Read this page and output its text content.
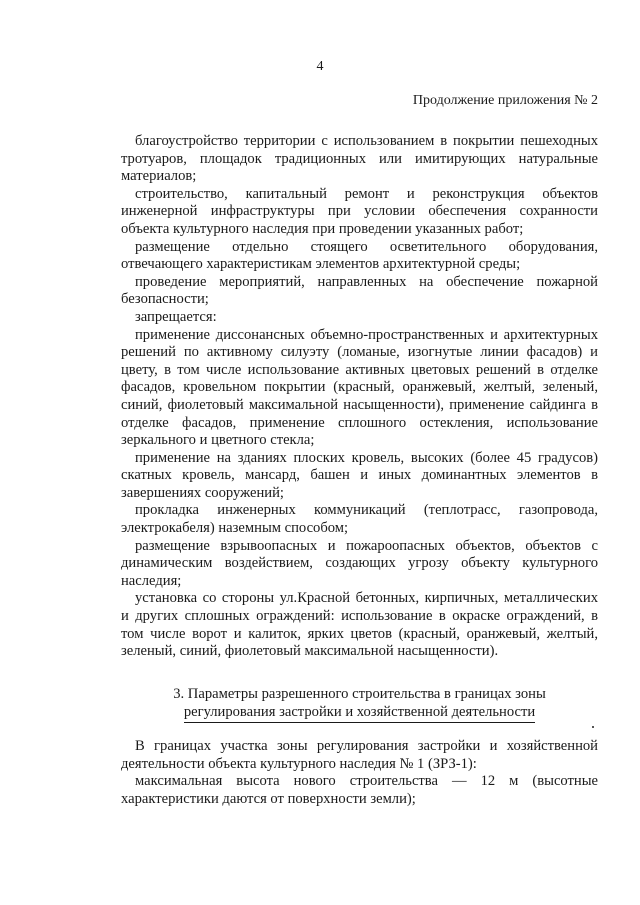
4
Продолжение приложения № 2

благоустройство территории с использованием в покрытии пешеходных тротуаров, площадок традиционных или имитирующих натуральные материалов;

строительство, капитальный ремонт и реконструкция объектов инженерной инфраструктуры при условии обеспечения сохранности объекта культурного наследия при проведении указанных работ;

размещение отдельно стоящего осветительного оборудования, отвечающего характеристикам элементов архитектурной среды;

проведение мероприятий, направленных на обеспечение пожарной безопасности;

запрещается:

применение диссонансных объемно-пространственных и архитектурных решений по активному силуэту (ломаные, изогнутые линии фасадов) и цвету, в том числе использование активных цветовых решений в отделке фасадов, кровельном покрытии (красный, оранжевый, желтый, зеленый, синий, фиолетовый максимальной насыщенности), применение сайдинга в отделке фасадов, применение сплошного остекления, использование зеркального и цветного стекла;

применение на зданиях плоских кровель, высоких (более 45 градусов) скатных кровель, мансард, башен и иных доминантных элементов в завершениях сооружений;

прокладка инженерных коммуникаций (теплотрасс, газопровода, электрокабеля) наземным способом;

размещение взрывоопасных и пожароопасных объектов, объектов с динамическим воздействием, создающих угрозу объекту культурного наследия;

установка со стороны ул.Красной бетонных, кирпичных, металлических и других сплошных ограждений: использование в окраске ограждений, в том числе ворот и калиток, ярких цветов (красный, оранжевый, желтый, зеленый, синий, фиолетовый максимальной насыщенности).

3. Параметры разрешенного строительства в границах зоны
регулирования застройки и хозяйственной деятельности

В границах участка зоны регулирования застройки и хозяйственной деятельности объекта культурного наследия № 1 (ЗРЗ-1):

максимальная высота нового строительства — 12 м (высотные характеристики даются от поверхности земли);
